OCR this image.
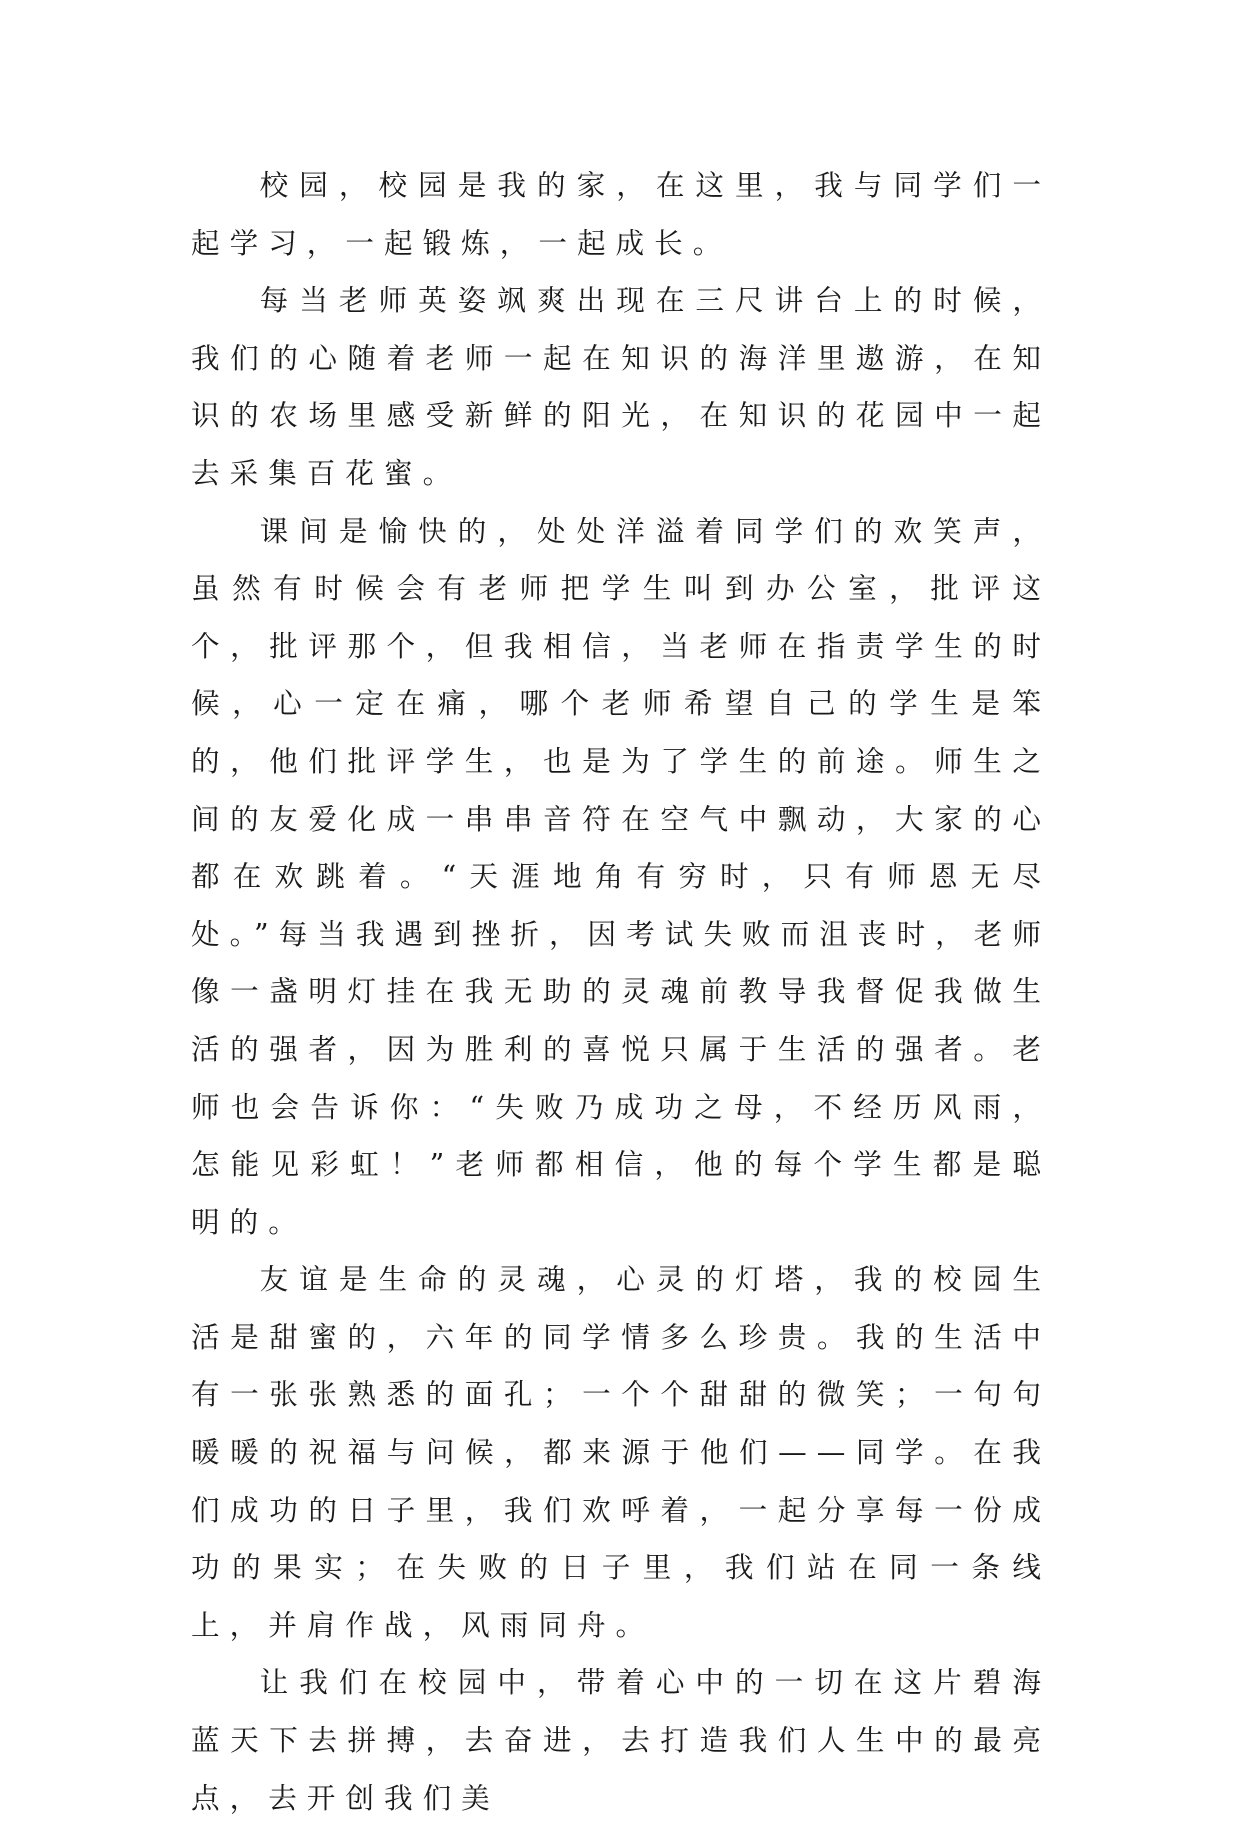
校园，校园是我的家，在这里，我与同学们一起学习，一起锻炼，一起成长。

每当老师英姿飒爽出现在三尺讲台上的时候，我们的心随着老师一起在知识的海洋里遨游，在知识的农场里感受新鲜的阳光，在知识的花园中一起去采集百花蜜。

课间是愉快的，处处洋溢着同学们的欢笑声，虽然有时候会有老师把学生叫到办公室，批评这个，批评那个，但我相信，当老师在指责学生的时候，心一定在痛，哪个老师希望自己的学生是笨的，他们批评学生，也是为了学生的前途。师生之间的友爱化成一串串音符在空气中飘动，大家的心都在欢跳着。“天涯地角有穷时，只有师恩无尽处。”每当我遇到挫折，因考试失败而沮丧时，老师像一盏明灯挂在我无助的灵魂前教导我督促我做生活的强者，因为胜利的喜悦只属于生活的强者。老师也会告诉你：“失败乃成功之母，不经历风雨，怎能见彩虹！”老师都相信，他的每个学生都是聪明的。

友谊是生命的灵魂，心灵的灯塔，我的校园生活是甜蜜的，六年的同学情多么珍贵。我的生活中有一张张熟悉的面孔；一个个甜甜的微笑；一句句暖暖的祝福与问候，都来源于他们——同学。在我们成功的日子里，我们欢呼着，一起分享每一份成功的果实；在失败的日子里，我们站在同一条线上，并肩作战，风雨同舟。

让我们在校园中，带着心中的一切在这片碧海蓝天下去拼搏，去奋进，去打造我们人生中的最亮点，去开创我们美
